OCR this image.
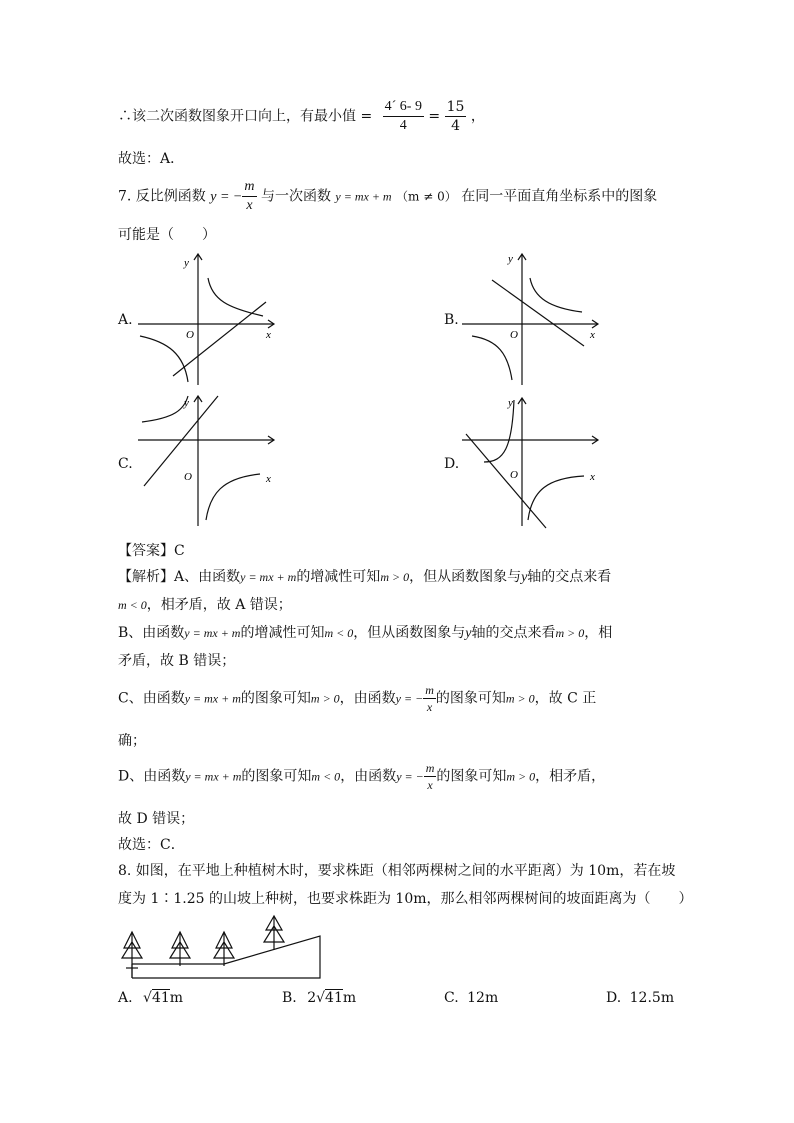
∴该二次函数图象开口向上，有最小值 = $\frac{4´ 6- 9}{4} = \frac{15}{4}$ ，
故选：A．
7. 反比例函数 y = − $\frac{m}{x}$ 与一次函数 y = mx + m （m ≠ 0） 在同一平面直角坐标系中的图象
可能是（　　）
A.
y
x
O
B.
y
x
O
C.
y
x
O
D.
y
x
O
【答案】C
【解析】A、由函数y = mx + m的增减性可知m > 0，但从函数图象与y轴的交点来看
m < 0，相矛盾，故 A 错误；
B、由函数y = mx + m的增减性可知m < 0，但从函数图象与y轴的交点来看m > 0，相
矛盾，故 B 错误；
C、由函数y = mx + m的图象可知m > 0，由函数y = − $\frac{m}{x}$ 的图象可知m > 0，故 C 正
确；
D、由函数y = mx + m的图象可知m < 0，由函数y = − $\frac{m}{x}$ 的图象可知m > 0，相矛盾，
故 D 错误；
故选：C．
8. 如图，在平地上种植树木时，要求株距（相邻两棵树之间的水平距离）为 10m，若在坡
度为 1∶1.25 的山坡上种树，也要求株距为 10m，那么相邻两棵树间的坡面距离为（　　）
A. √41m	B. 2√41m	C. 12m	D. 12.5m
